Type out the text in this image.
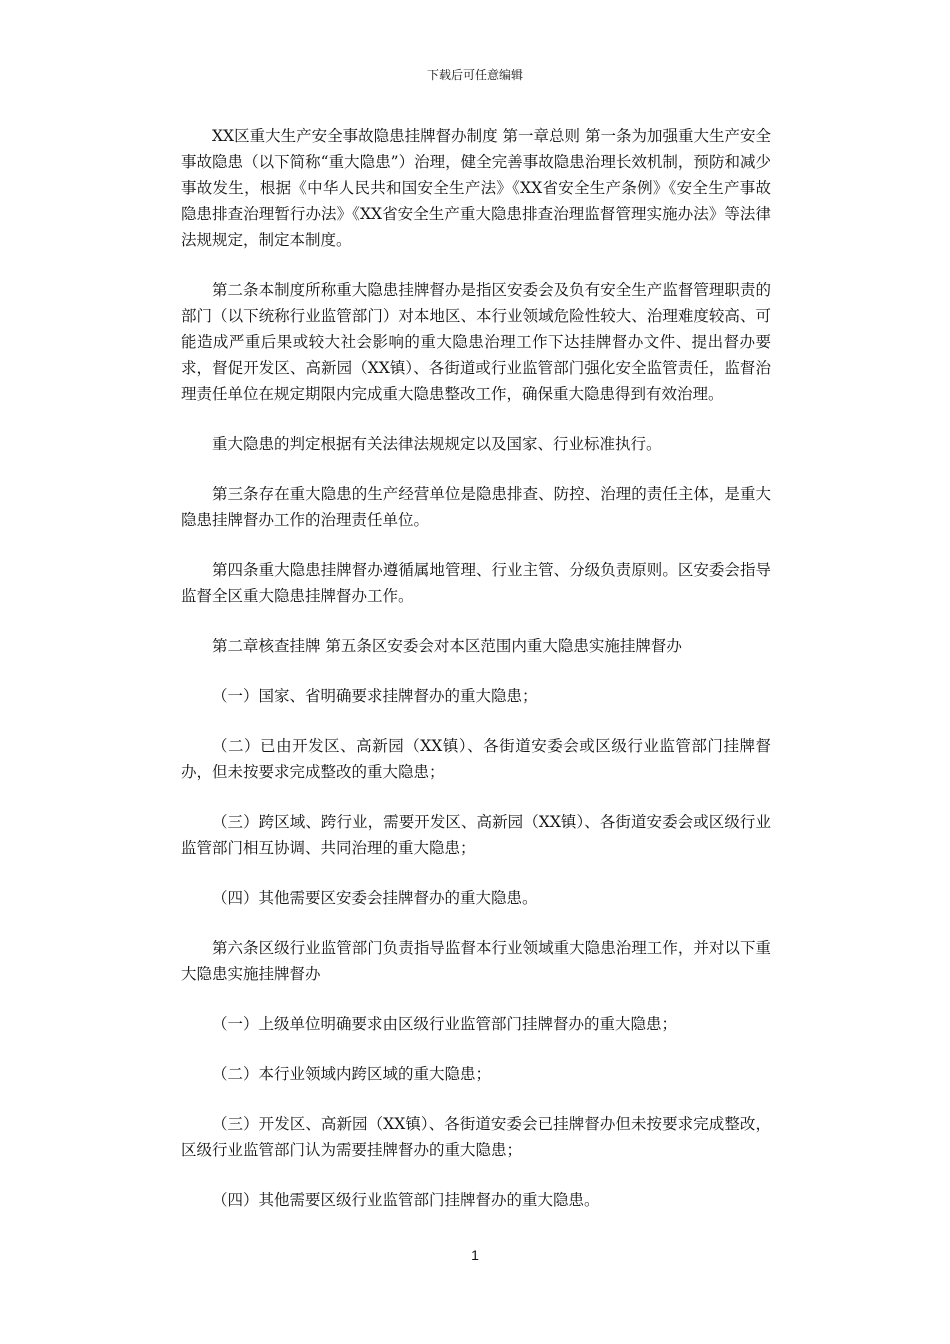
下载后可任意编辑

XX区重大生产安全事故隐患挂牌督办制度 第一章总则 第一条为加强重大生产安全事故隐患（以下简称“重大隐患”）治理，健全完善事故隐患治理长效机制，预防和减少事故发生，根据《中华人民共和国安全生产法》《XX省安全生产条例》《安全生产事故隐患排查治理暂行办法》《XX省安全生产重大隐患排查治理监督管理实施办法》等法律法规规定，制定本制度。

第二条本制度所称重大隐患挂牌督办是指区安委会及负有安全生产监督管理职责的部门（以下统称行业监管部门）对本地区、本行业领域危险性较大、治理难度较高、可能造成严重后果或较大社会影响的重大隐患治理工作下达挂牌督办文件、提出督办要求，督促开发区、高新园（XX镇）、各街道或行业监管部门强化安全监管责任，监督治理责任单位在规定期限内完成重大隐患整改工作，确保重大隐患得到有效治理。

重大隐患的判定根据有关法律法规规定以及国家、行业标准执行。

第三条存在重大隐患的生产经营单位是隐患排查、防控、治理的责任主体，是重大隐患挂牌督办工作的治理责任单位。

第四条重大隐患挂牌督办遵循属地管理、行业主管、分级负责原则。区安委会指导监督全区重大隐患挂牌督办工作。

第二章核查挂牌 第五条区安委会对本区范围内重大隐患实施挂牌督办

（一）国家、省明确要求挂牌督办的重大隐患；

（二）已由开发区、高新园（XX镇）、各街道安委会或区级行业监管部门挂牌督办，但未按要求完成整改的重大隐患；

（三）跨区域、跨行业，需要开发区、高新园（XX镇）、各街道安委会或区级行业监管部门相互协调、共同治理的重大隐患；

（四）其他需要区安委会挂牌督办的重大隐患。

第六条区级行业监管部门负责指导监督本行业领域重大隐患治理工作，并对以下重大隐患实施挂牌督办

（一）上级单位明确要求由区级行业监管部门挂牌督办的重大隐患；

（二）本行业领域内跨区域的重大隐患；

（三）开发区、高新园（XX镇）、各街道安委会已挂牌督办但未按要求完成整改，区级行业监管部门认为需要挂牌督办的重大隐患；

（四）其他需要区级行业监管部门挂牌督办的重大隐患。

1
